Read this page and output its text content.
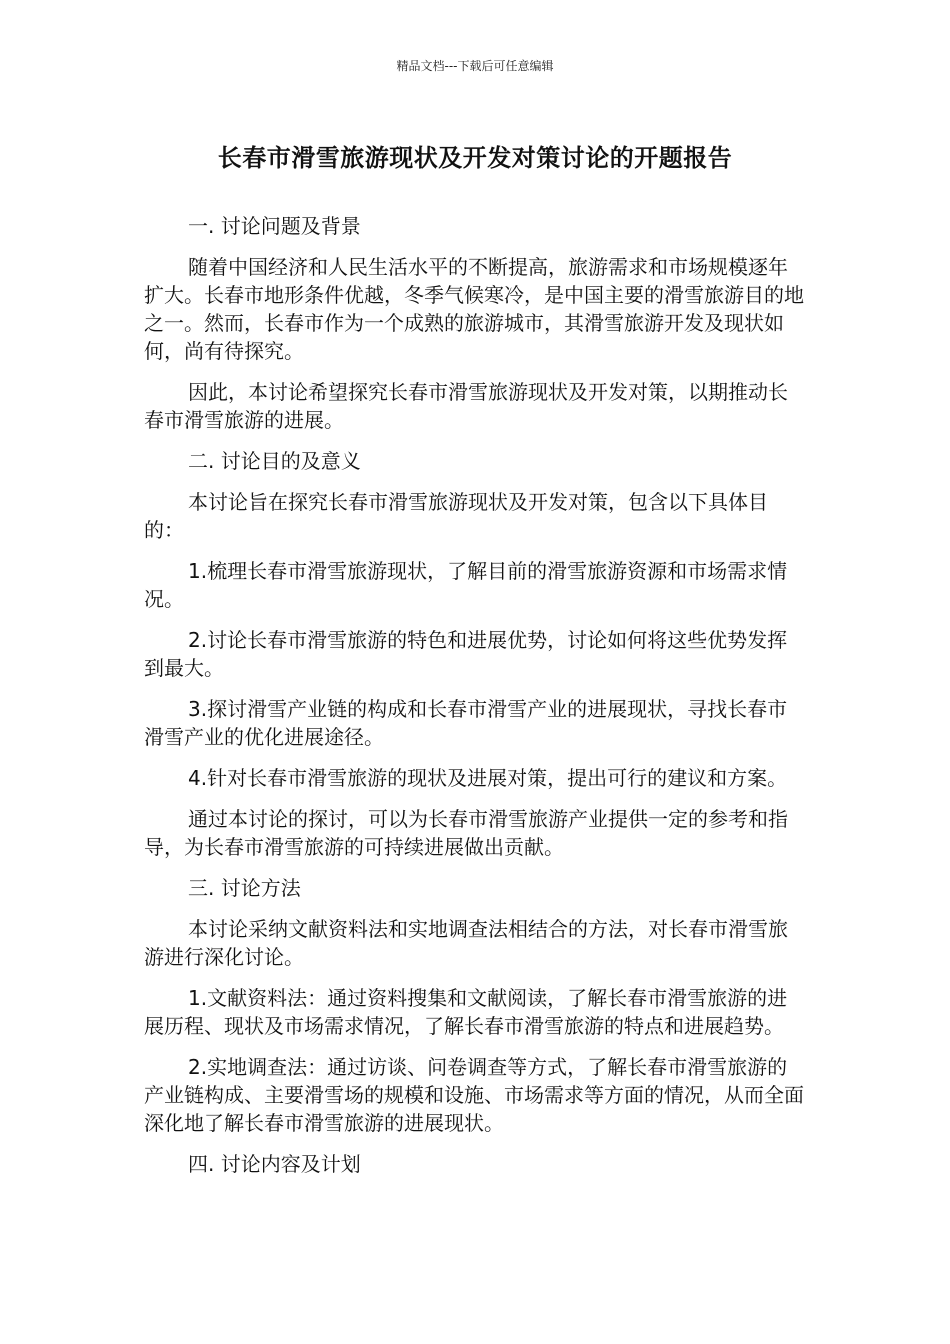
精品文档---下载后可任意编辑
长春市滑雪旅游现状及开发对策讨论的开题报告

一. 讨论问题及背景

随着中国经济和人民生活水平的不断提高，旅游需求和市场规模逐年扩大。长春市地形条件优越，冬季气候寒冷，是中国主要的滑雪旅游目的地之一。然而，长春市作为一个成熟的旅游城市，其滑雪旅游开发及现状如何，尚有待探究。

因此，本讨论希望探究长春市滑雪旅游现状及开发对策，以期推动长春市滑雪旅游的进展。

二. 讨论目的及意义

本讨论旨在探究长春市滑雪旅游现状及开发对策，包含以下具体目的：

1.梳理长春市滑雪旅游现状，了解目前的滑雪旅游资源和市场需求情况。

2.讨论长春市滑雪旅游的特色和进展优势，讨论如何将这些优势发挥到最大。

3.探讨滑雪产业链的构成和长春市滑雪产业的进展现状，寻找长春市滑雪产业的优化进展途径。

4.针对长春市滑雪旅游的现状及进展对策，提出可行的建议和方案。

通过本讨论的探讨，可以为长春市滑雪旅游产业提供一定的参考和指导，为长春市滑雪旅游的可持续进展做出贡献。

三. 讨论方法

本讨论采纳文献资料法和实地调查法相结合的方法，对长春市滑雪旅游进行深化讨论。

1.文献资料法：通过资料搜集和文献阅读，了解长春市滑雪旅游的进展历程、现状及市场需求情况，了解长春市滑雪旅游的特点和进展趋势。

2.实地调查法：通过访谈、问卷调查等方式，了解长春市滑雪旅游的产业链构成、主要滑雪场的规模和设施、市场需求等方面的情况，从而全面深化地了解长春市滑雪旅游的进展现状。

四. 讨论内容及计划
